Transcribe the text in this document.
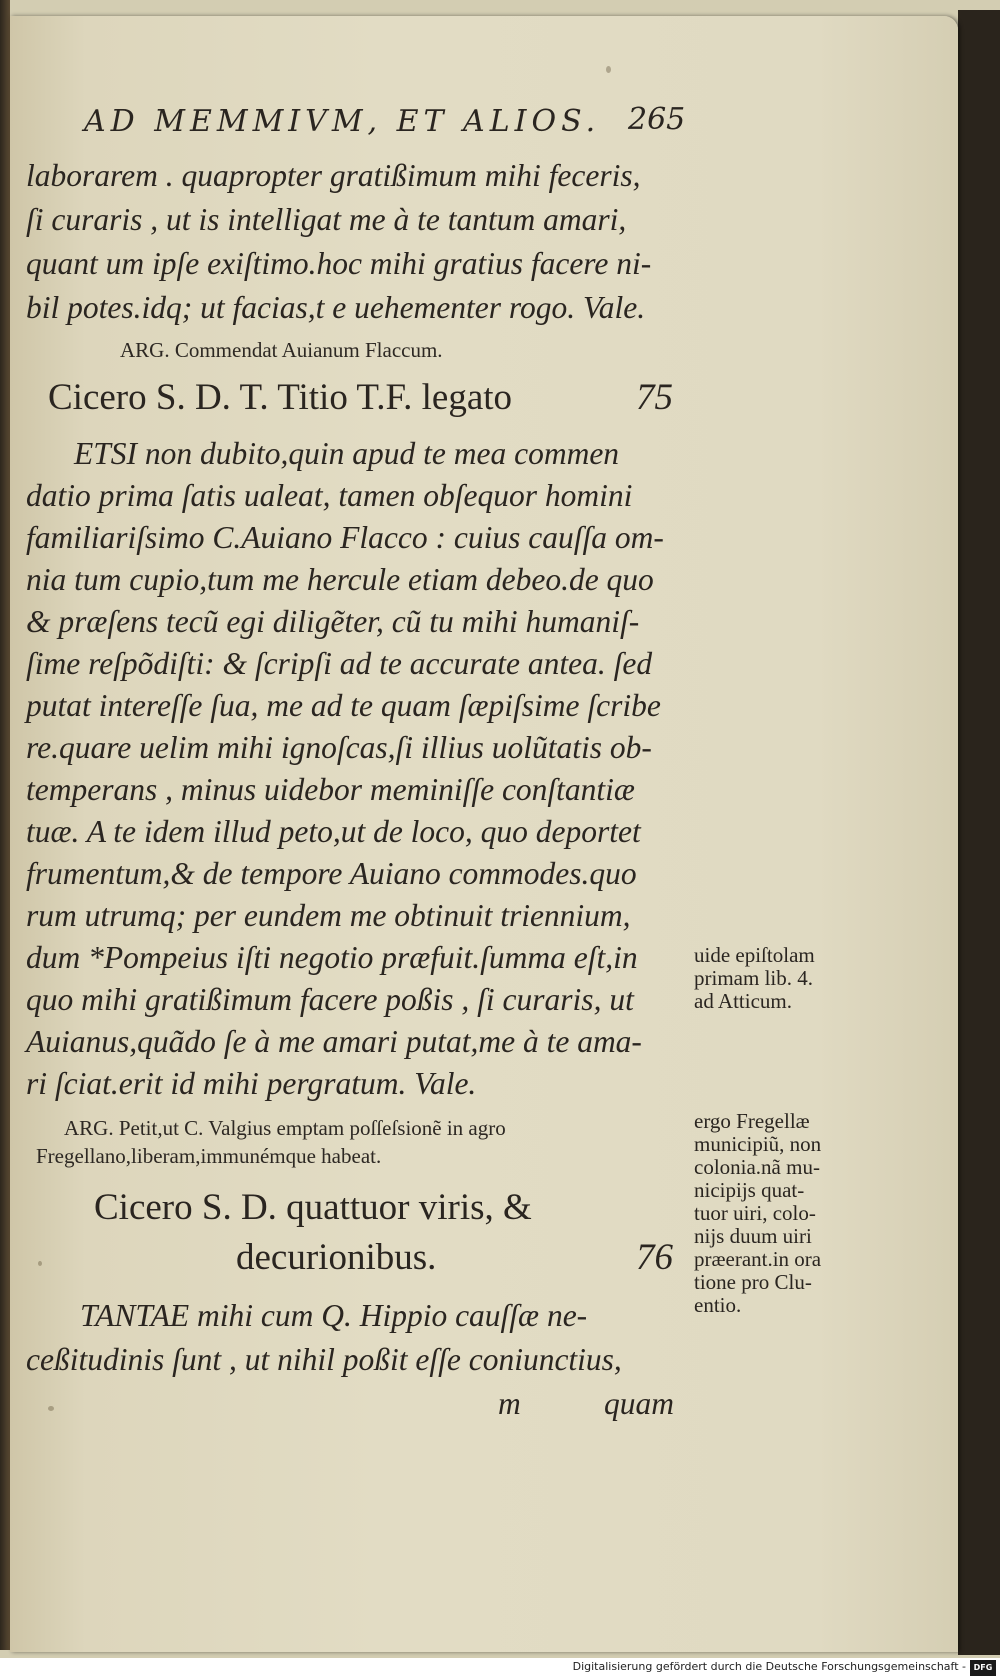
AD MEMMIVM, ET ALIOS. 265
laborarem . quapropter gratißimum mihi feceris,
ſi curaris , ut is intelligat me à te tantum amari,
quant um ipſe exiſtimo.hoc mihi gratius facere ni-
bil potes.idq; ut facias,t e uehementer rogo. Vale.
ARG. Commendat Auianum Flaccum.
Cicero S. D. T. Titio T.F. legato	75
ETSI non dubito,quin apud te mea commen
datio prima ſatis ualeat, tamen obſequor homini
familiariſsimo C.Auiano Flacco : cuius cauſſa om-
nia tum cupio,tum me hercule etiam debeo.de quo
& præſens tecũ egi diligẽter, cũ tu mihi humaniſ-
ſime reſpõdiſti: & ſcripſi ad te accurate antea. ſed
putat intereſſe ſua, me ad te quam ſæpiſsime ſcribe
re.quare uelim mihi ignoſcas,ſi illius uolũtatis ob-
temperans , minus uidebor meminiſſe conſtantiæ
tuæ. A te idem illud peto,ut de loco, quo deportet
frumentum,& de tempore Auiano commodes.quo
rum utrumq; per eundem me obtinuit triennium,
dum *Pompeius iſti negotio præfuit.ſumma eſt,in
quo mihi gratißimum facere poßis , ſi curaris, ut
Auianus,quãdo ſe à me amari putat,me à te ama-
ri ſciat.erit id mihi pergratum. Vale.
uide epiſtolam
primam lib. 4.
ad Atticum.
ARG. Petit,ut C. Valgius emptam poſſeſsionẽ in agro
Fregellano,liberam,immunémque habeat.
Cicero S. D. quattuor viris, &
decurionibus.	76
TANTAE mihi cum Q. Hippio cauſſæ ne-
ceßitudinis ſunt , ut nihil poßit eſſe coniunctius,
ergo Fregellæ
municipiũ, non
colonia.nã mu-
nicipijs quat-
tuor uiri, colo-
nijs duum uiri
præerant.in ora
tione pro Clu-
entio.
m	quam
Digitalisierung gefördert durch die Deutsche Forschungsgemeinschaft - DFG
